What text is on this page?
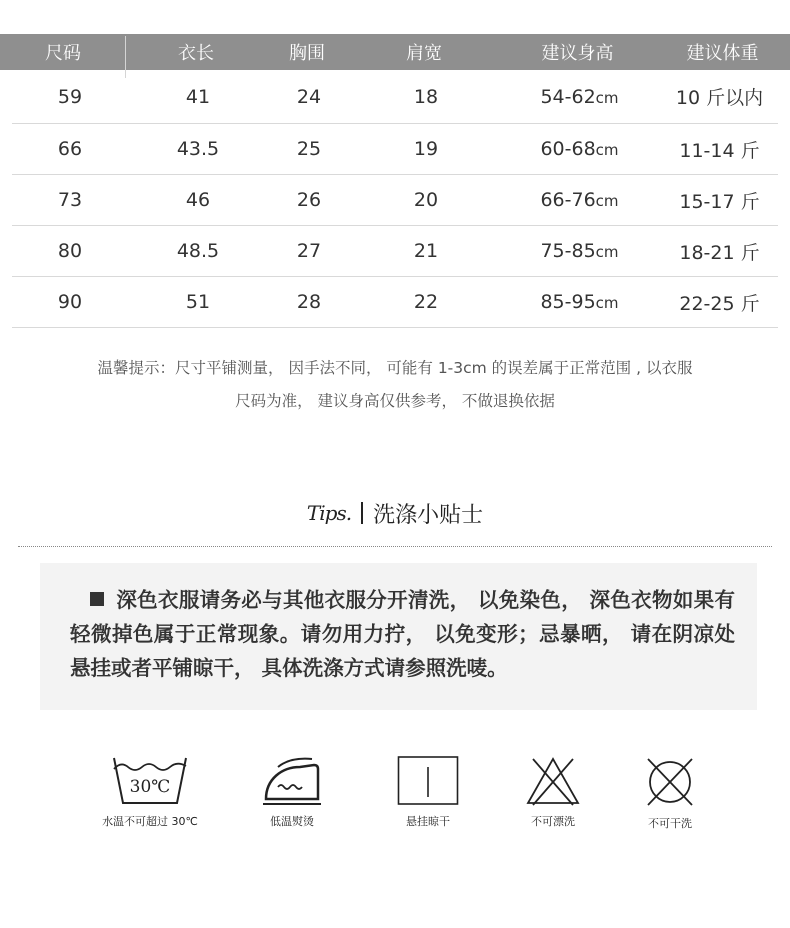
尺码	衣长	胸围	肩宽	建议身高	建议体重
59	41	24	18	54-62cm	10 斤以内
66	43.5	25	19	60-68cm	11-14 斤
73	46	26	20	66-76cm	15-17 斤
80	48.5	27	21	75-85cm	18-21 斤
90	51	28	22	85-95cm	22-25 斤
温馨提示：尺寸平铺测量， 因手法不同， 可能有 1-3cm 的误差属于正常范围 , 以衣服
尺码为准， 建议身高仅供参考， 不做退换依据
Tips. 洗涤小贴士
深色衣服请务必与其他衣服分开清洗， 以免染色， 深色衣物如果有轻微掉色属于正常现象。请勿用力拧， 以免变形；忌暴晒， 请在阴凉处悬挂或者平铺晾干， 具体洗涤方式请参照洗唛。
30℃
水温不可超过 30℃	低温熨烫	悬挂晾干	不可漂洗	不可干洗
